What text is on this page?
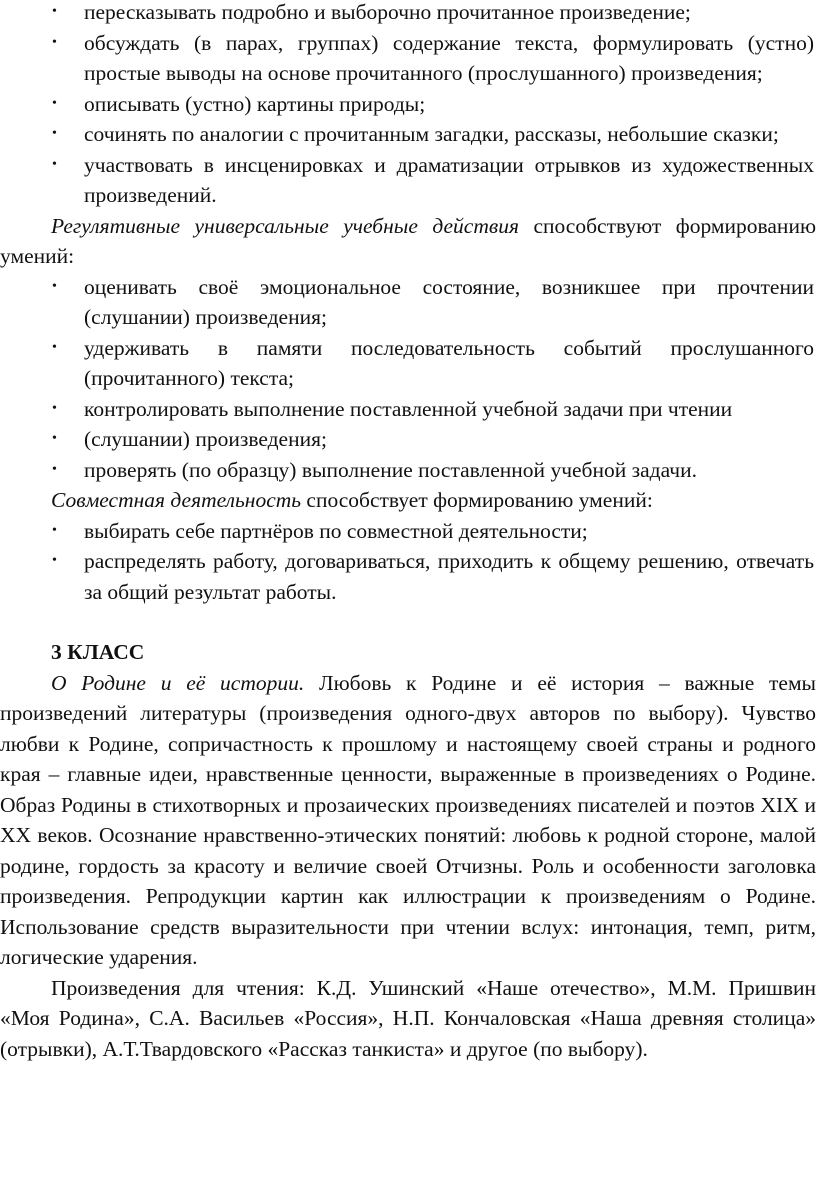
• пересказывать подробно и выборочно прочитанное произведение;
• обсуждать (в парах, группах) содержание текста, формулировать (устно) простые выводы на основе прочитанного (прослушанного) произведения;
• описывать (устно) картины природы;
• сочинять по аналогии с прочитанным загадки, рассказы, небольшие сказки;
• участвовать в инсценировках и драматизации отрывков из художественных произведений.

Регулятивные универсальные учебные действия способствуют формированию умений:

• оценивать своё эмоциональное состояние, возникшее при прочтении (слушании) произведения;
• удерживать в памяти последовательность событий прослушанного (прочитанного) текста;
• контролировать выполнение поставленной учебной задачи при чтении
• (слушании) произведения;
• проверять (по образцу) выполнение поставленной учебной задачи.

Совместная деятельность способствует формированию умений:

• выбирать себе партнёров по совместной деятельности;
• распределять работу, договариваться, приходить к общему решению, отвечать за общий результат работы.

3 КЛАСС

О Родине и её истории. Любовь к Родине и её история – важные темы произведений литературы (произведения одного-двух авторов по выбору). Чувство любви к Родине, сопричастность к прошлому и настоящему своей страны и родного края – главные идеи, нравственные ценности, выраженные в произведениях о Родине. Образ Родины в стихотворных и прозаических произведениях писателей и поэтов XIX и XX веков. Осознание нравственно-этических понятий: любовь к родной стороне, малой родине, гордость за красоту и величие своей Отчизны. Роль и особенности заголовка произведения. Репродукции картин как иллюстрации к произведениям о Родине. Использование средств выразительности при чтении вслух: интонация, темп, ритм, логические ударения.

Произведения для чтения: К.Д. Ушинский «Наше отечество», М.М. Пришвин «Моя Родина», С.А. Васильев «Россия», Н.П. Кончаловская «Наша древняя столица» (отрывки), А.Т.Твардовского «Рассказ танкиста» и другое (по выбору).
